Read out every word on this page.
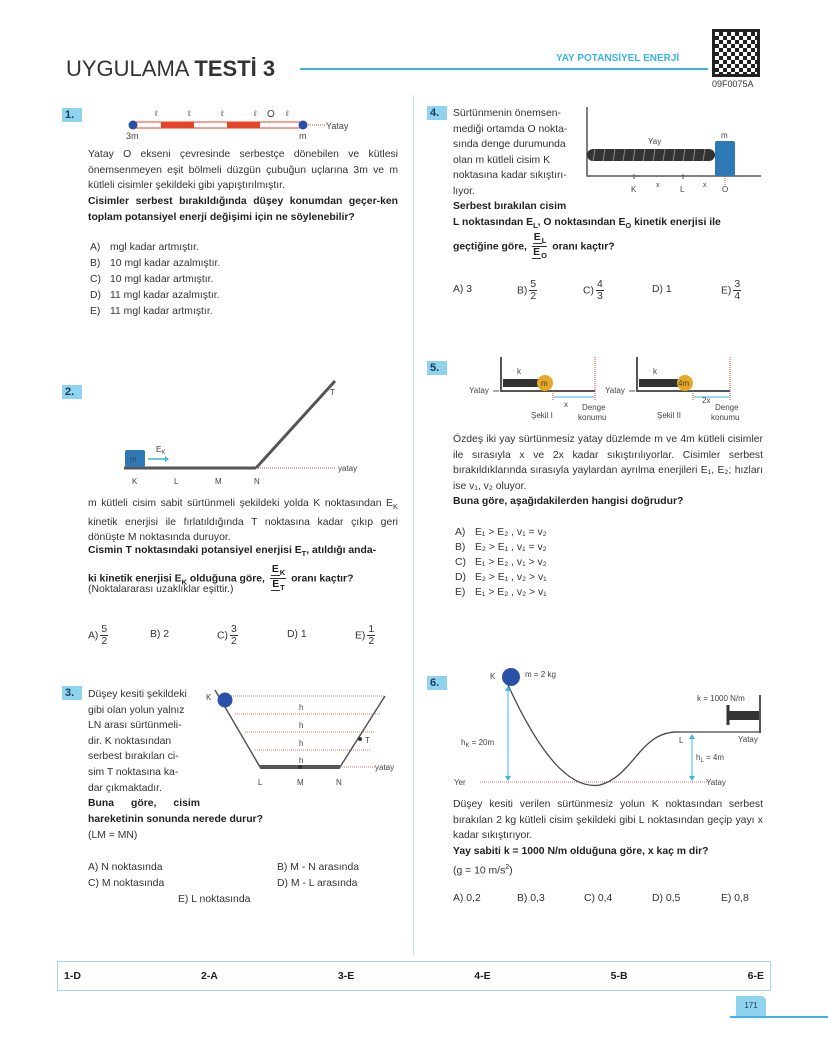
UYGULAMA TESTİ 3	YAY POTANSİYEL ENERJİ
09F0075A
1.	ℓ	ℓ	ℓ	ℓ	ℓ
O
3m	m
Yatay
Yatay O ekseni çevresinde serbestçe dönebilen ve kütlesi önemsenmeyen eşit bölmeli düzgün çubuğun uçlarına 3m ve m kütleli cisimler şekildeki gibi yapıştırılmıştır.
Cisimler serbest bırakıldığında düşey konumdan geçer-ken toplam potansiyel enerji değişimi için ne söylenebilir?
A) mgl kadar artmıştır.
B) 10 mgl kadar azalmıştır.
C) 10 mgl kadar artmıştır.
D) 11 mgl kadar azalmıştır.
E) 11 mgl kadar artmıştır.
2.
m
$E_K$
K	L	M	N
T
yatay
m kütleli cisim sabit sürtünmeli şekildeki yolda K noktasından $E_K$ kinetik enerjisi ile fırlatıldığında T noktasına kadar çıkıp geri dönüşte M noktasında duruyor.
Cismin T noktasındaki potansiyel enerjisi $E_T$, atıldığı anda-
ki kinetik enerjisi $E_K$ olduğuna göre, $\frac{E_K}{E_T}$ oranı kaçtır?
(Noktalararası uzaklıklar eşittir.)
$A) \frac{5}{2}$	B) 2	$C) \frac{3}{2}$	D) 1	$E) \frac{1}{2}$
3.	Düşey kesiti şekildeki
gibi olan yolun yalnız
LN arası sürtünmeli-
dir. K noktasından
serbest bırakılan ci-
sim T noktasına ka-
dar çıkmaktadır.
K
h
h
h
h
T
L	M	N
yatay
Buna göre, cisim
hareketinin sonunda nerede durur?
(LM = MN)
A) N noktasında	B) M - N arasında
C) M noktasında	D) M - L arasında
E) L noktasında
4.	Sürtünmenin önemsen-
mediği ortamda O nokta-
sında denge durumunda
olan m kütleli cisim K
noktasına kadar sıkıştırı-
lıyor.
Yay
m
K	L	O
x	x
Serbest bırakılan cisim
L noktasından $E_L$, O noktasından $E_O$ kinetik enerjisi ile
geçtiğine göre, $\frac{E_L}{E_O}$ oranı kaçtır?
A) 3	$B) \frac{5}{2}$	$C) \frac{4}{3}$	D) 1	$E) \frac{3}{4}$
5.
m	4m
k	k
Yatay	Yatay
x	2x
Denge
konumu
Denge
konumu
Şekil I	Şekil II
Özdeş iki yay sürtünmesiz yatay düzlemde m ve 4m kütleli cisimler ile sırasıyla x ve 2x kadar sıkıştırılıyorlar. Cisimler serbest bırakıldıklarında sırasıyla yaylardan ayrılma enerjileri E₁, E₂; hızları ise v₁, v₂ oluyor.
Buna göre, aşağıdakilerden hangisi doğrudur?
A) E₁ > E₂ , v₁ = v₂
B) E₂ > E₁ , v₁ = v₂
C) E₁ > E₂ , v₁ > v₂
D) E₂ > E₁ , v₂ > v₁
E) E₁ > E₂ , v₂ > v₁
6.
K	m = 2 kg
k = 1000 N/m
$h_K = 20m$
$h_L = 4m$
L
Yer	Yatay
Yatay
Düşey kesiti verilen sürtünmesiz yolun K noktasından serbest bırakılan 2 kg kütleli cisim şekildeki gibi L noktasından geçip yayı x kadar sıkıştırıyor.
Yay sabiti k = 1000 N/m olduğuna göre, x kaç m dir?
(g = 10 $m/s^2$)
A) 0,2	B) 0,3	C) 0,4	D) 0,5	E) 0,8
1-D	2-A	3-E	4-E	5-B	6-E
171
